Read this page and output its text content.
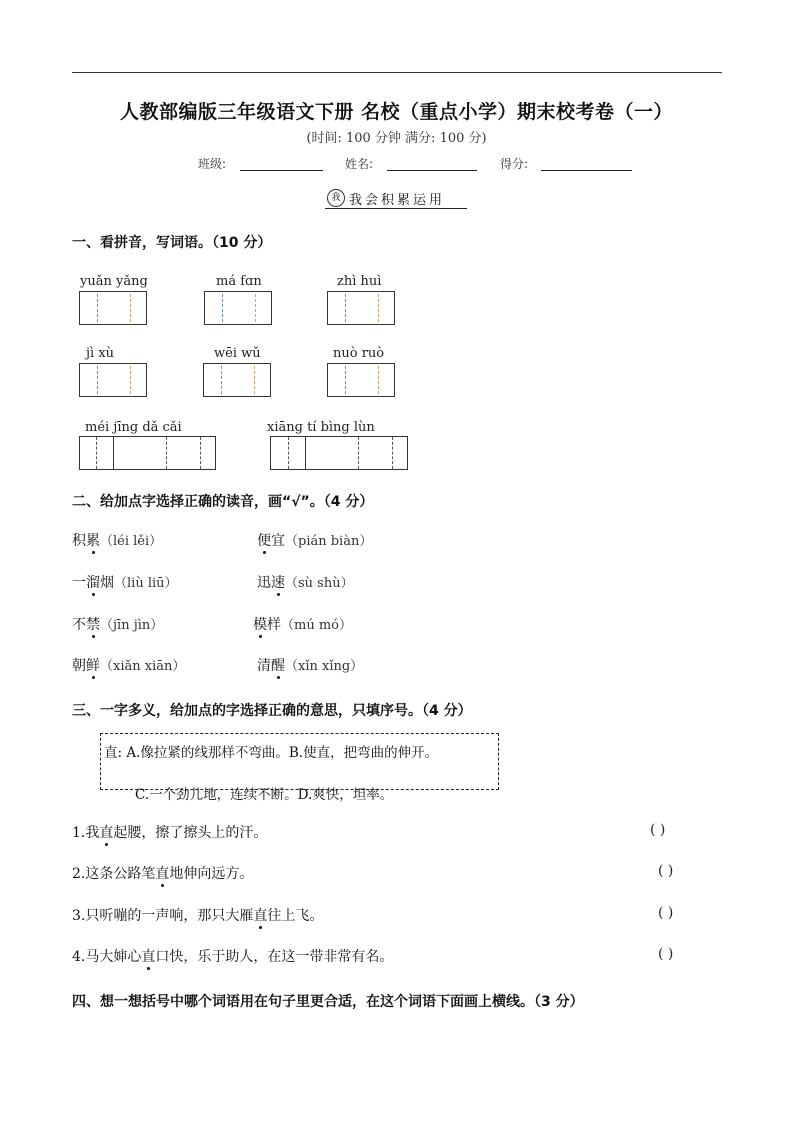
人教部编版三年级语文下册 名校（重点小学）期末校考卷（一）
(时间: 100 分钟 满分: 100 分)
班级:	姓名:	得分:
我 我会积累运用
一、看拼音，写词语。（10 分）
yuǎn yǎng	má fɑn	zhì huì
jì xù	wēi wǔ	nuò ruò
méi jīng dǎ cǎi	xiānɡ tí bìng lùn
二、给加点字选择正确的读音，画“√”。（4 分）
积累（léi lěi）	便宜（pián biàn）
一溜烟（liù liū）	迅速（sù shù）
不禁（jīn jìn）	模样（mú mó）
朝鲜（xiǎn xiān）	清醒（xǐn xǐng）
三、一字多义，给加点的字选择正确的意思，只填序号。（4 分）
直: A.像拉紧的线那样不弯曲。B.使直，把弯曲的伸开。
C.一个劲儿地，连续不断。D.爽快，坦率。
1.我直起腰，擦了擦头上的汗。	( )
2.这条公路笔直地伸向远方。	( )
3.只听嘣的一声响，那只大雁直往上飞。	( )
4.马大婶心直口快，乐于助人，在这一带非常有名。	( )
四、想一想括号中哪个词语用在句子里更合适，在这个词语下面画上横线。（3 分）
